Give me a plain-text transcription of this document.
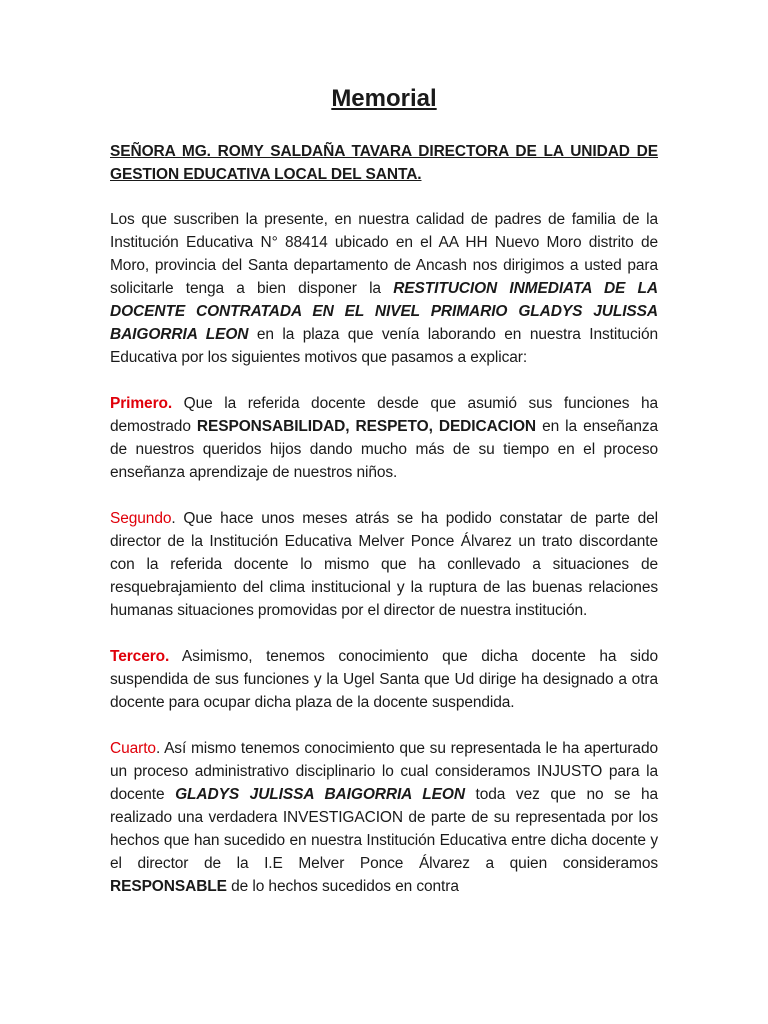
Memorial
SEÑORA MG. ROMY SALDAÑA TAVARA DIRECTORA DE LA UNIDAD DE GESTION EDUCATIVA LOCAL DEL SANTA.

Los que suscriben la presente, en nuestra calidad de padres de familia de la Institución Educativa N° 88414 ubicado en el AA HH Nuevo Moro distrito de Moro, provincia del Santa departamento de Ancash nos dirigimos a usted para solicitarle tenga a bien disponer la RESTITUCION INMEDIATA DE LA DOCENTE CONTRATADA EN EL NIVEL PRIMARIO GLADYS JULISSA BAIGORRIA LEON en la plaza que venía laborando en nuestra Institución Educativa por los siguientes motivos que pasamos a explicar:

Primero. Que la referida docente desde que asumió sus funciones ha demostrado RESPONSABILIDAD, RESPETO, DEDICACION en la enseñanza de nuestros queridos hijos dando mucho más de su tiempo en el proceso enseñanza aprendizaje de nuestros niños.

Segundo. Que hace unos meses atrás se ha podido constatar de parte del director de la Institución Educativa Melver Ponce Álvarez un trato discordante con la referida docente lo mismo que ha conllevado a situaciones de resquebrajamiento del clima institucional y la ruptura de las buenas relaciones humanas situaciones promovidas por el director de nuestra institución.

Tercero. Asimismo, tenemos conocimiento que dicha docente ha sido suspendida de sus funciones y la Ugel Santa que Ud dirige ha designado a otra docente para ocupar dicha plaza de la docente suspendida.

Cuarto. Así mismo tenemos conocimiento que su representada le ha aperturado un proceso administrativo disciplinario lo cual consideramos INJUSTO para la docente GLADYS JULISSA BAIGORRIA LEON toda vez que no se ha realizado una verdadera INVESTIGACION de parte de su representada por los hechos que han sucedido en nuestra Institución Educativa entre dicha docente y el director de la I.E Melver Ponce Álvarez a quien consideramos RESPONSABLE de lo hechos sucedidos en contra
